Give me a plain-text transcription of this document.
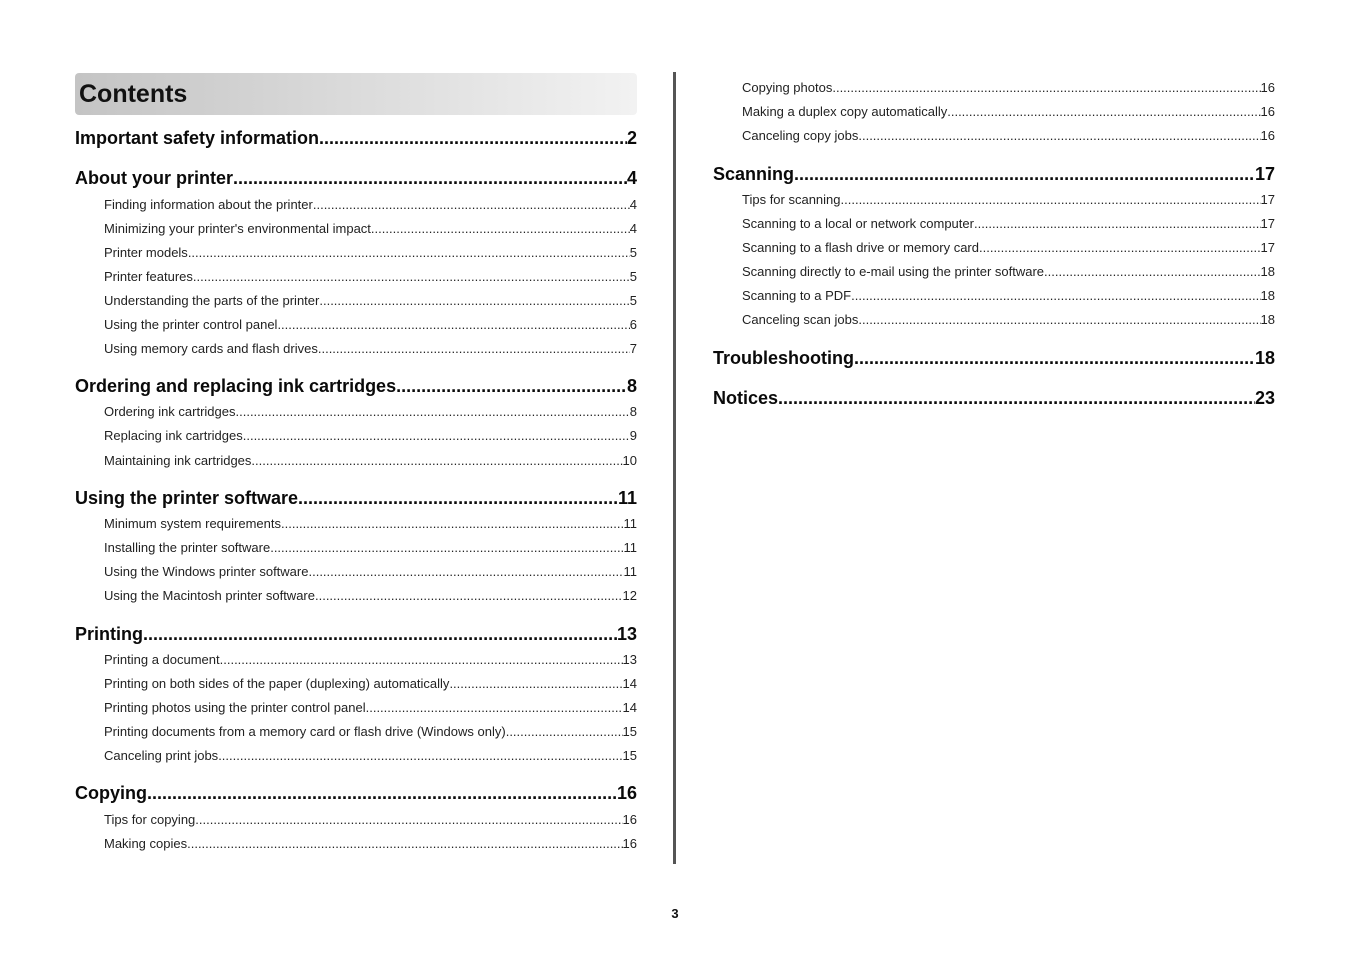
Contents
Important safety information .....	2
About your printer .....	4
Finding information about the printer .....	4
Minimizing your printer's environmental impact .....	4
Printer models .....	5
Printer features .....	5
Understanding the parts of the printer .....	5
Using the printer control panel .....	6
Using memory cards and flash drives .....	7
Ordering and replacing ink cartridges .....	8
Ordering ink cartridges .....	8
Replacing ink cartridges .....	9
Maintaining ink cartridges .....	10
Using the printer software .....	11
Minimum system requirements .....	11
Installing the printer software .....	11
Using the Windows printer software .....	11
Using the Macintosh printer software .....	12
Printing .....	13
Printing a document .....	13
Printing on both sides of the paper (duplexing) automatically .....	14
Printing photos using the printer control panel .....	14
Printing documents from a memory card or flash drive (Windows only) .....	15
Canceling print jobs .....	15
Copying .....	16
Tips for copying .....	16
Making copies .....	16
Copying photos .....	16
Making a duplex copy automatically .....	16
Canceling copy jobs .....	16
Scanning .....	17
Tips for scanning .....	17
Scanning to a local or network computer .....	17
Scanning to a flash drive or memory card .....	17
Scanning directly to e-mail using the printer software .....	18
Scanning to a PDF .....	18
Canceling scan jobs .....	18
Troubleshooting .....	18
Notices .....	23
3
